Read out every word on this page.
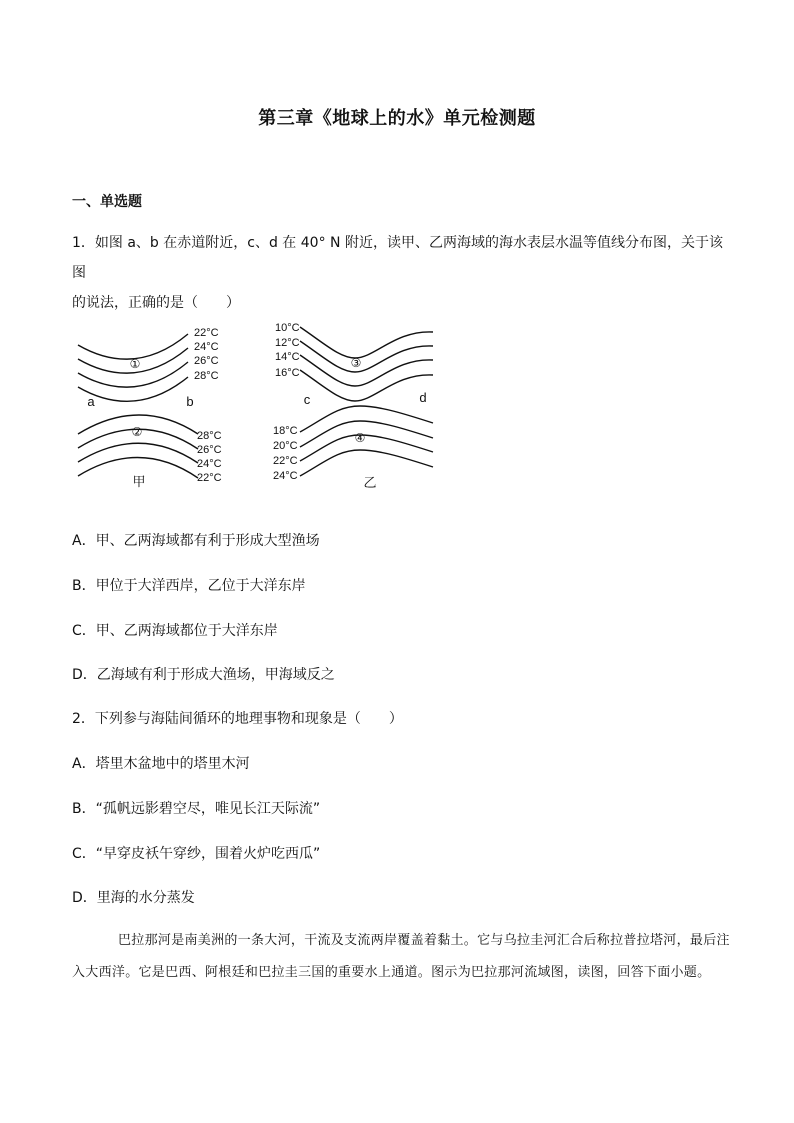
第三章《地球上的水》单元检测题
一、单选题
1．如图 a、b 在赤道附近，c、d 在 40° N 附近，读甲、乙两海域的海水表层水温等值线分布图，关于该图
的说法，正确的是（　　）
22°C
24°C
26°C
28°C
28°C
26°C
24°C
22°C
10°C
12°C
14°C
16°C
18°C
20°C
22°C
24°C
①
②
③
④
a	b	c	d
甲	乙
A．甲、乙两海域都有利于形成大型渔场
B．甲位于大洋西岸，乙位于大洋东岸
C．甲、乙两海域都位于大洋东岸
D．乙海域有利于形成大渔场，甲海域反之
2．下列参与海陆间循环的地理事物和现象是（　　）
A．塔里木盆地中的塔里木河
B．“孤帆远影碧空尽，唯见长江天际流”
C．“早穿皮袄午穿纱，围着火炉吃西瓜”
D．里海的水分蒸发
巴拉那河是南美洲的一条大河，干流及支流两岸覆盖着黏土。它与乌拉圭河汇合后称拉普拉塔河，最后注入大西洋。它是巴西、阿根廷和巴拉圭三国的重要水上通道。图示为巴拉那河流域图，读图，回答下面小题。
